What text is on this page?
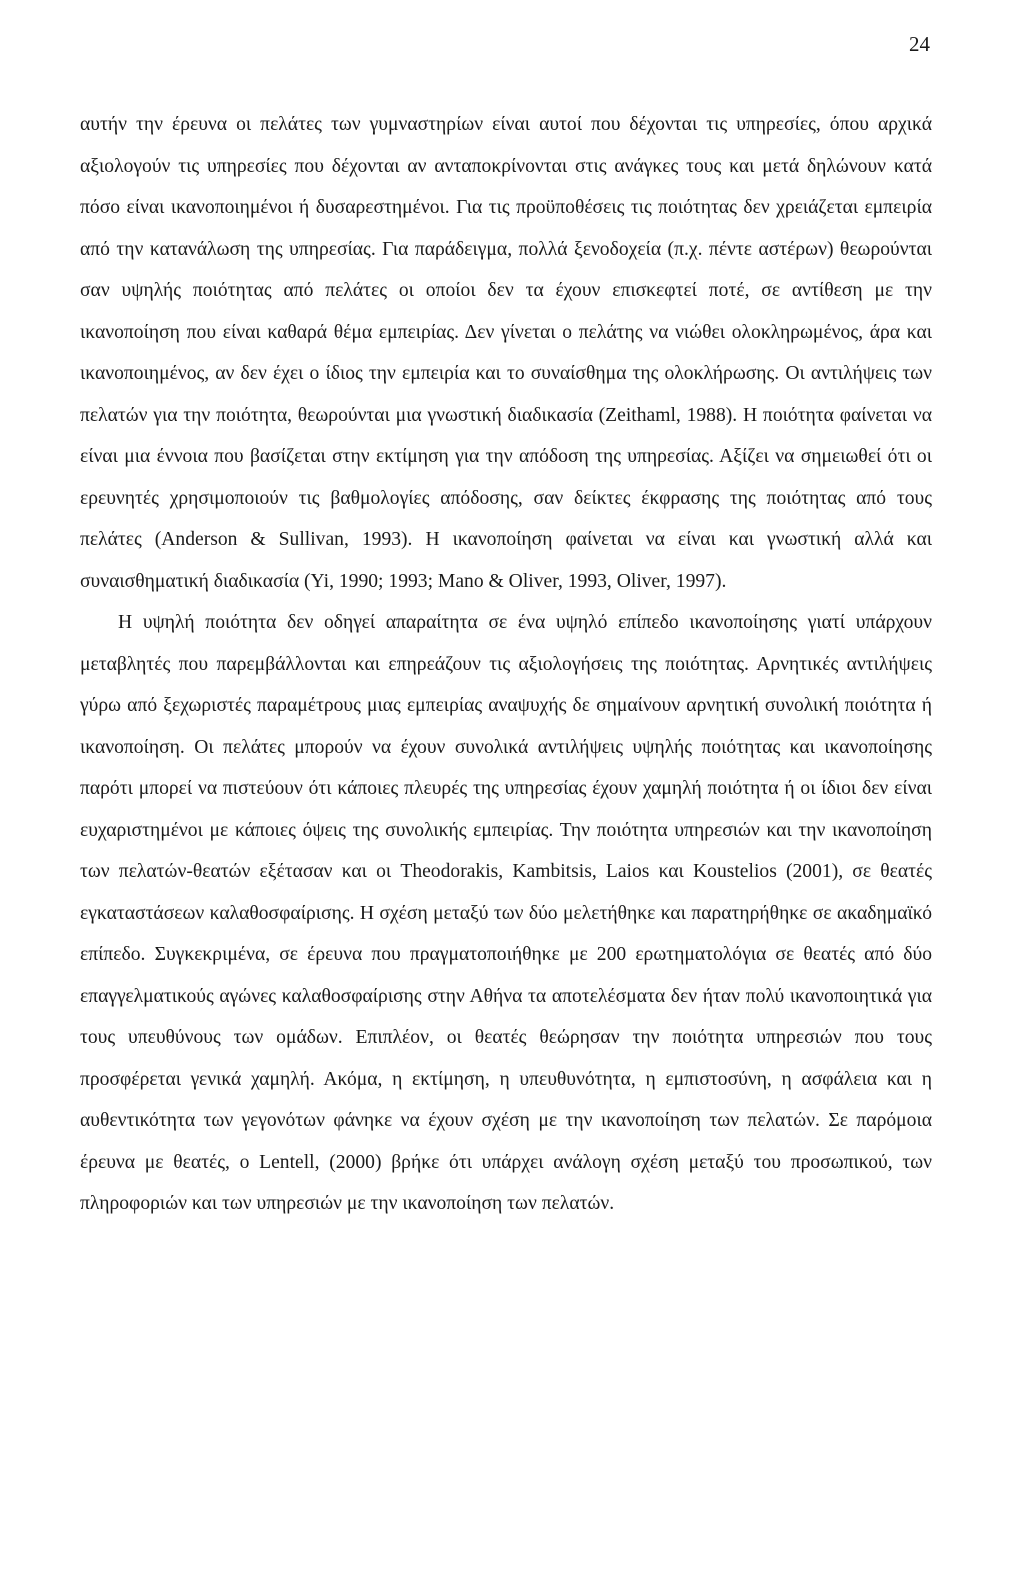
24

αυτήν την έρευνα οι πελάτες των γυμναστηρίων είναι αυτοί που δέχονται τις υπηρεσίες, όπου αρχικά αξιολογούν τις υπηρεσίες που δέχονται αν ανταποκρίνονται στις ανάγκες τους και μετά δηλώνουν κατά πόσο είναι ικανοποιημένοι ή δυσαρεστημένοι. Για τις προϋποθέσεις τις ποιότητας δεν χρειάζεται εμπειρία από την κατανάλωση της υπηρεσίας. Για παράδειγμα, πολλά ξενοδοχεία (π.χ. πέντε αστέρων) θεωρούνται σαν υψηλής ποιότητας από πελάτες οι οποίοι δεν τα έχουν επισκεφτεί ποτέ, σε αντίθεση με την ικανοποίηση που είναι καθαρά θέμα εμπειρίας. Δεν γίνεται ο πελάτης να νιώθει ολοκληρωμένος, άρα και ικανοποιημένος, αν δεν έχει ο ίδιος την εμπειρία και το συναίσθημα της ολοκλήρωσης. Οι αντιλήψεις των πελατών για την ποιότητα, θεωρούνται μια γνωστική διαδικασία (Zeithaml, 1988). Η ποιότητα φαίνεται να είναι μια έννοια που βασίζεται στην εκτίμηση για την απόδοση της υπηρεσίας. Αξίζει να σημειωθεί ότι οι ερευνητές χρησιμοποιούν τις βαθμολογίες απόδοσης, σαν δείκτες έκφρασης της ποιότητας από τους πελάτες (Anderson & Sullivan, 1993). Η ικανοποίηση φαίνεται να είναι και γνωστική αλλά και συναισθηματική διαδικασία (Yi, 1990; 1993; Mano & Oliver, 1993, Oliver, 1997).

Η υψηλή ποιότητα δεν οδηγεί απαραίτητα σε ένα υψηλό επίπεδο ικανοποίησης γιατί υπάρχουν μεταβλητές που παρεμβάλλονται και επηρεάζουν τις αξιολογήσεις της ποιότητας. Αρνητικές αντιλήψεις γύρω από ξεχωριστές παραμέτρους μιας εμπειρίας αναψυχής δε σημαίνουν αρνητική συνολική ποιότητα ή ικανοποίηση. Οι πελάτες μπορούν να έχουν συνολικά αντιλήψεις υψηλής ποιότητας και ικανοποίησης παρότι μπορεί να πιστεύουν ότι κάποιες πλευρές της υπηρεσίας έχουν χαμηλή ποιότητα ή οι ίδιοι δεν είναι ευχαριστημένοι με κάποιες όψεις της συνολικής εμπειρίας. Την ποιότητα υπηρεσιών και την ικανοποίηση των πελατών-θεατών εξέτασαν και οι Theodorakis, Kambitsis, Laios και Koustelios (2001), σε θεατές εγκαταστάσεων καλαθοσφαίρισης. Η σχέση μεταξύ των δύο μελετήθηκε και παρατηρήθηκε σε ακαδημαϊκό επίπεδο. Συγκεκριμένα, σε έρευνα που πραγματοποιήθηκε με 200 ερωτηματολόγια σε θεατές από δύο επαγγελματικούς αγώνες καλαθοσφαίρισης στην Αθήνα τα αποτελέσματα δεν ήταν πολύ ικανοποιητικά για τους υπευθύνους των ομάδων. Επιπλέον, οι θεατές θεώρησαν την ποιότητα υπηρεσιών που τους προσφέρεται γενικά χαμηλή. Ακόμα, η εκτίμηση, η υπευθυνότητα, η εμπιστοσύνη, η ασφάλεια και η αυθεντικότητα των γεγονότων φάνηκε να έχουν σχέση με την ικανοποίηση των πελατών. Σε παρόμοια έρευνα με θεατές, ο Lentell, (2000) βρήκε ότι υπάρχει ανάλογη σχέση μεταξύ του προσωπικού, των πληροφοριών και των υπηρεσιών με την ικανοποίηση των πελατών.
